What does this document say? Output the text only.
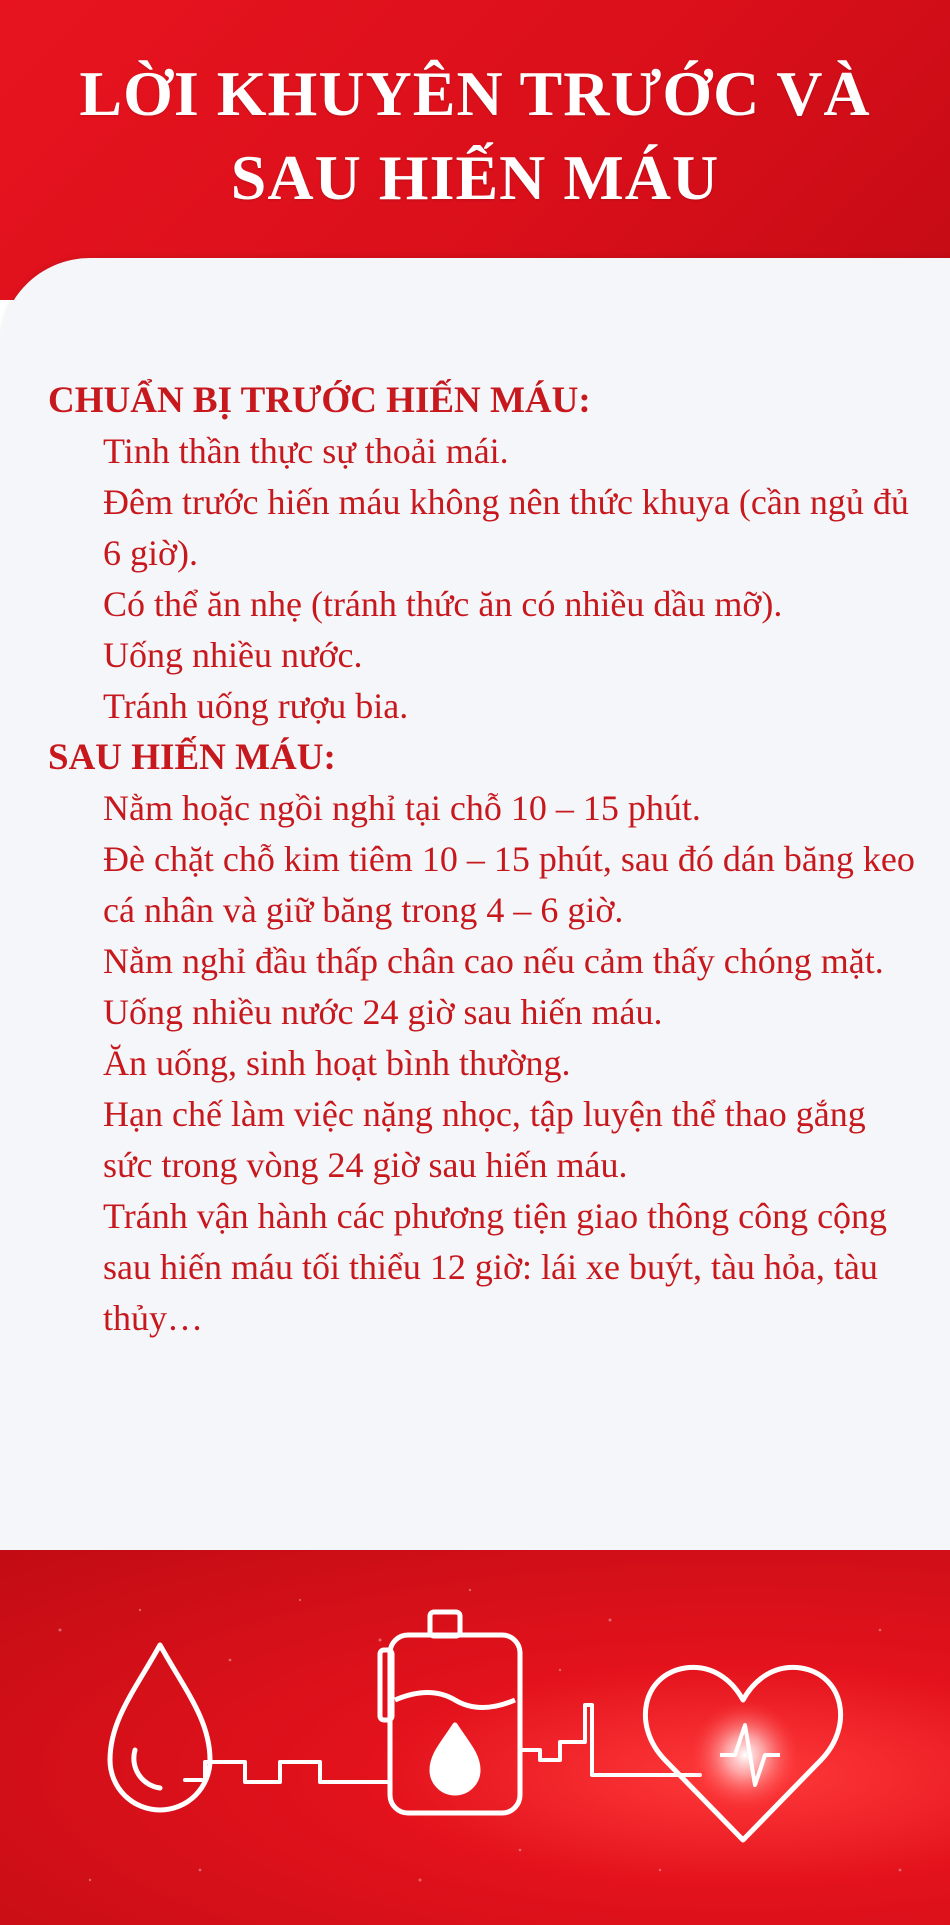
LỜI KHUYÊN TRƯỚC VÀ
SAU HIẾN MÁU

CHUẨN BỊ TRƯỚC HIẾN MÁU:

Tinh thần thực sự thoải mái.
Đêm trước hiến máu không nên thức khuya (cần ngủ đủ 6 giờ).
Có thể ăn nhẹ (tránh thức ăn có nhiều dầu mỡ).
Uống nhiều nước.
Tránh uống rượu bia.

SAU HIẾN MÁU:

Nằm hoặc ngồi nghỉ tại chỗ 10 – 15 phút.
Đè chặt chỗ kim tiêm 10 – 15 phút, sau đó dán băng keo cá nhân và giữ băng trong 4 – 6 giờ.
Nằm nghỉ đầu thấp chân cao nếu cảm thấy chóng mặt.
Uống nhiều nước 24 giờ sau hiến máu.
Ăn uống, sinh hoạt bình thường.
Hạn chế làm việc nặng nhọc, tập luyện thể thao gắng sức trong vòng 24 giờ sau hiến máu.
Tránh vận hành các phương tiện giao thông công cộng sau hiến máu tối thiểu 12 giờ: lái xe buýt, tàu hỏa, tàu thủy…
